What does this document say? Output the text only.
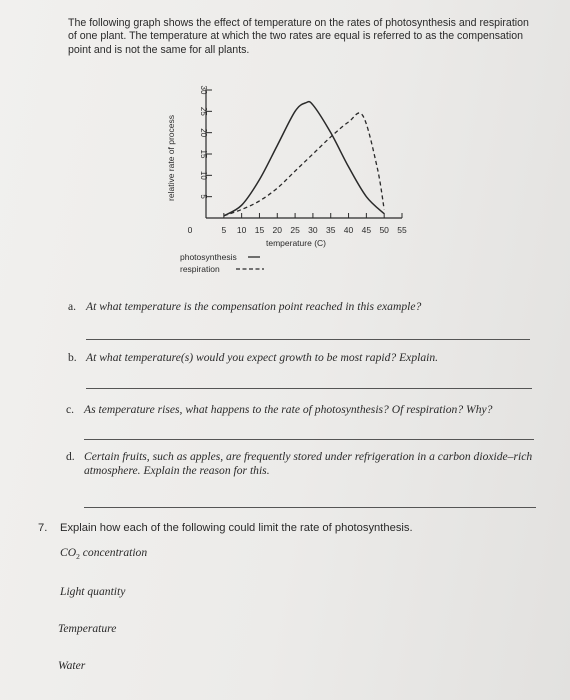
The following graph shows the effect of temperature on the rates of photosynthesis and respiration of one plant. The temperature at which the two rates are equal is referred to as the compensation point and is not the same for all plants.
5
10
15
20
25
30
relative rate of process
0	5 10 15 20 25 30 35 40 45 50 55
temperature (C)
photosynthesis
respiration
a. At what temperature is the compensation point reached in this example?
b. At what temperature(s) would you expect growth to be most rapid? Explain.
c. As temperature rises, what happens to the rate of photosynthesis? Of respiration? Why?
d. Certain fruits, such as apples, are frequently stored under refrigeration in a carbon dioxide–rich atmosphere. Explain the reason for this.
7. Explain how each of the following could limit the rate of photosynthesis.
$CO_2$ concentration
Light quantity
Temperature
Water
